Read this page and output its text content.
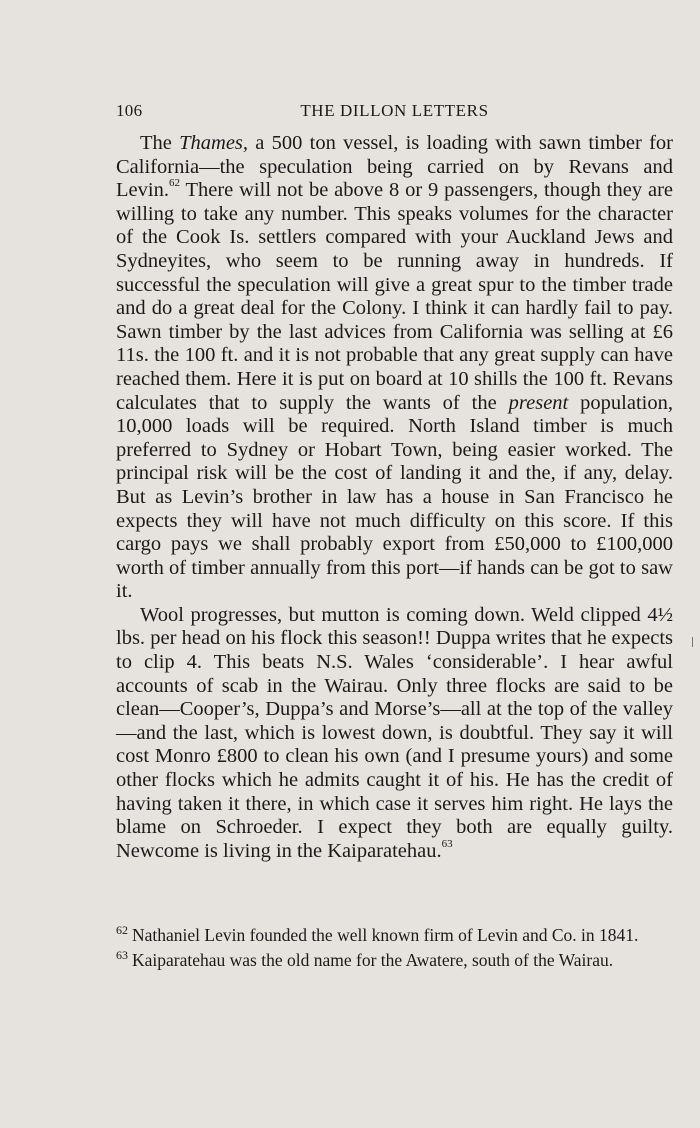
106	THE DILLON LETTERS

The Thames, a 500 ton vessel, is loading with sawn timber for California—the speculation being carried on by Revans and Levin.$^{62}$ There will not be above 8 or 9 passengers, though they are willing to take any number. This speaks volumes for the character of the Cook Is. settlers compared with your Auckland Jews and Sydneyites, who seem to be running away in hundreds. If successful the speculation will give a great spur to the timber trade and do a great deal for the Colony. I think it can hardly fail to pay. Sawn timber by the last advices from California was selling at £6 11s. the 100 ft. and it is not probable that any great supply can have reached them. Here it is put on board at 10 shills the 100 ft. Revans calculates that to supply the wants of the present population, 10,000 loads will be required. North Island timber is much preferred to Sydney or Hobart Town, being easier worked. The principal risk will be the cost of landing it and the, if any, delay. But as Levin’s brother in law has a house in San Francisco he expects they will have not much difficulty on this score. If this cargo pays we shall probably export from £50,000 to £100,000 worth of timber annually from this port—if hands can be got to saw it.

Wool progresses, but mutton is coming down. Weld clipped 4½ lbs. per head on his flock this season!! Duppa writes that he expects to clip 4. This beats N.S. Wales ‘considerable’. I hear awful accounts of scab in the Wairau. Only three flocks are said to be clean—Cooper’s, Duppa’s and Morse’s—all at the top of the valley—and the last, which is lowest down, is doubtful. They say it will cost Monro £800 to clean his own (and I presume yours) and some other flocks which he admits caught it of his. He has the credit of having taken it there, in which case it serves him right. He lays the blame on Schroeder. I expect they both are equally guilty. Newcome is living in the Kaiparatehau.$^{63}$

$^{62}$ Nathaniel Levin founded the well known firm of Levin and Co. in 1841.

$^{63}$ Kaiparatehau was the old name for the Awatere, south of the Wairau.
